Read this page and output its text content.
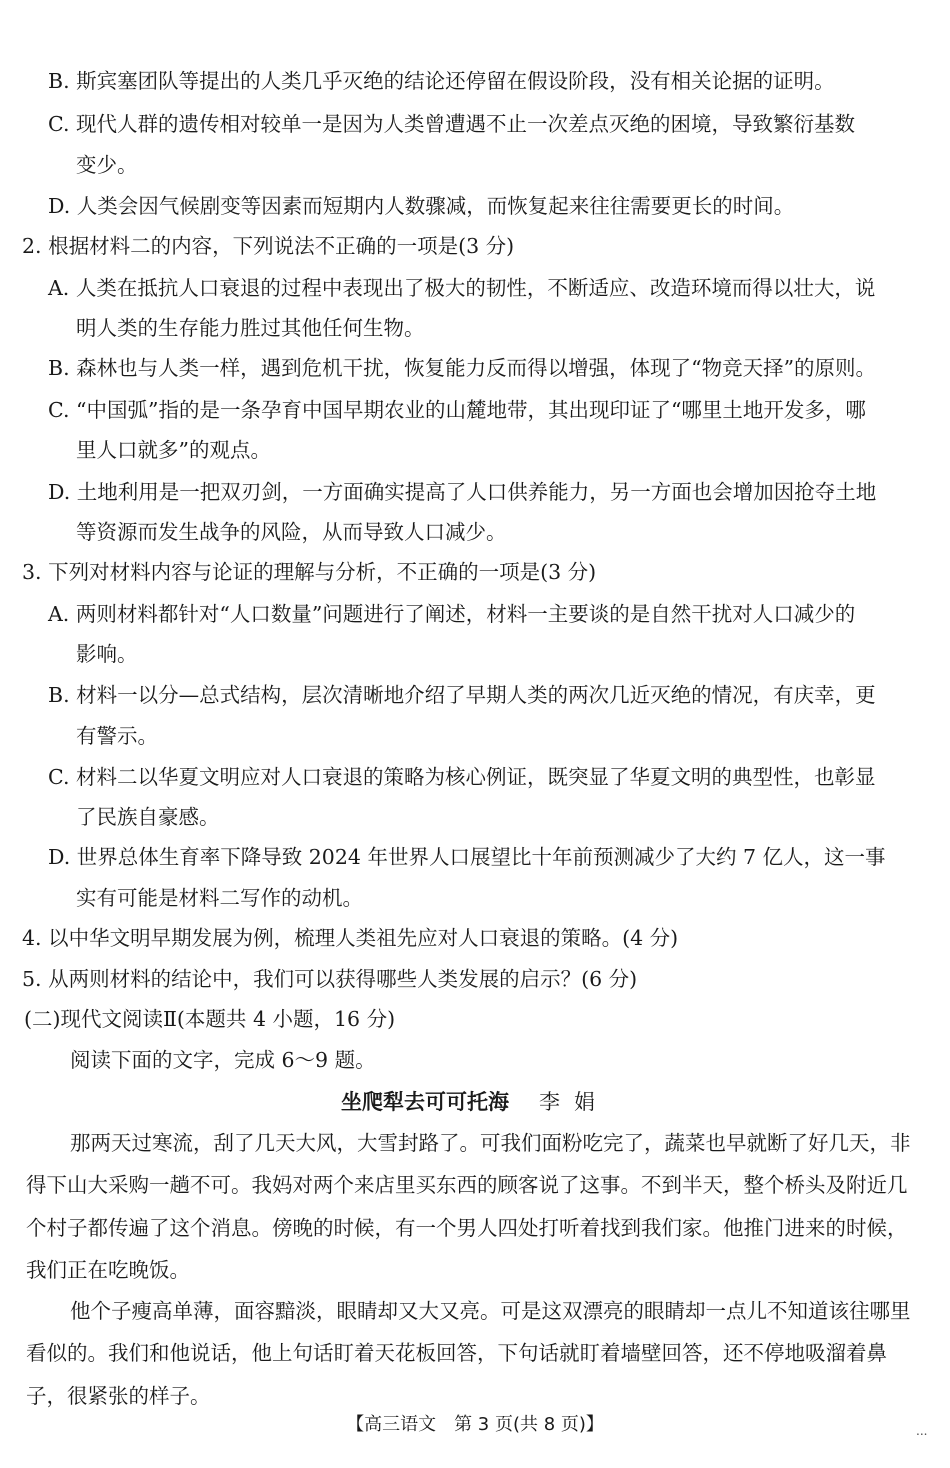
B. 斯宾塞团队等提出的人类几乎灭绝的结论还停留在假设阶段，没有相关论据的证明。

C. 现代人群的遗传相对较单一是因为人类曾遭遇不止一次差点灭绝的困境，导致繁衍基数

变少。

D. 人类会因气候剧变等因素而短期内人数骤减，而恢复起来往往需要更长的时间。

2. 根据材料二的内容，下列说法不正确的一项是(3 分)

A. 人类在抵抗人口衰退的过程中表现出了极大的韧性，不断适应、改造环境而得以壮大，说

明人类的生存能力胜过其他任何生物。

B. 森林也与人类一样，遇到危机干扰，恢复能力反而得以增强，体现了“物竞天择”的原则。

C. “中国弧”指的是一条孕育中国早期农业的山麓地带，其出现印证了“哪里土地开发多，哪

里人口就多”的观点。

D. 土地利用是一把双刃剑，一方面确实提高了人口供养能力，另一方面也会增加因抢夺土地

等资源而发生战争的风险，从而导致人口减少。

3. 下列对材料内容与论证的理解与分析，不正确的一项是(3 分)

A. 两则材料都针对“人口数量”问题进行了阐述，材料一主要谈的是自然干扰对人口减少的

影响。

B. 材料一以分—总式结构，层次清晰地介绍了早期人类的两次几近灭绝的情况，有庆幸，更

有警示。

C. 材料二以华夏文明应对人口衰退的策略为核心例证，既突显了华夏文明的典型性，也彰显

了民族自豪感。

D. 世界总体生育率下降导致 2024 年世界人口展望比十年前预测减少了大约 7 亿人，这一事

实有可能是材料二写作的动机。

4. 以中华文明早期发展为例，梳理人类祖先应对人口衰退的策略。(4 分)

5. 从两则材料的结论中，我们可以获得哪些人类发展的启示？(6 分)

(二)现代文阅读Ⅱ(本题共 4 小题，16 分)

阅读下面的文字，完成 6～9 题。

坐爬犁去可可托海 李娟

那两天过寒流，刮了几天大风，大雪封路了。可我们面粉吃完了，蔬菜也早就断了好几天，非得下山大采购一趟不可。我妈对两个来店里买东西的顾客说了这事。不到半天，整个桥头及附近几个村子都传遍了这个消息。傍晚的时候，有一个男人四处打听着找到我们家。他推门进来的时候，我们正在吃晚饭。

他个子瘦高单薄，面容黯淡，眼睛却又大又亮。可是这双漂亮的眼睛却一点儿不知道该往哪里看似的。我们和他说话，他上句话盯着天花板回答，下句话就盯着墙壁回答，还不停地吸溜着鼻子，很紧张的样子。

【高三语文　第 3 页(共 8 页)】	...
